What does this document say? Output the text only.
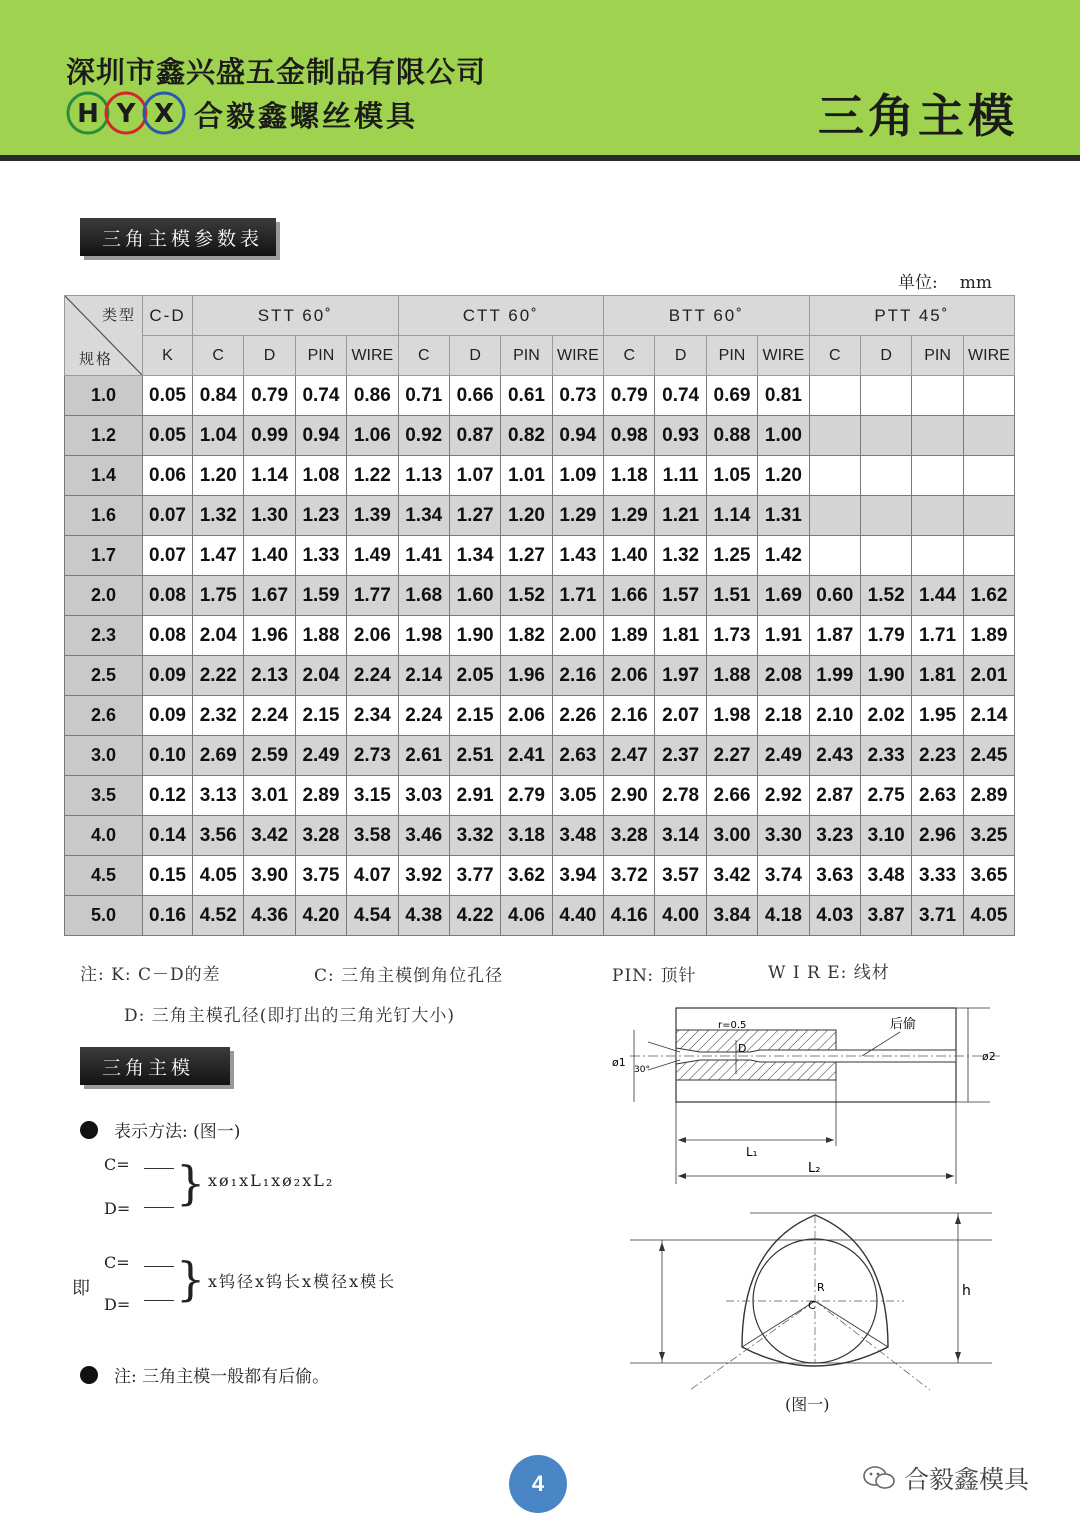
深圳市鑫兴盛五金制品有限公司
H Y X 合毅鑫螺丝模具	三角主模
三角主模参数表
单位: mm
类型
规格	C-D	STT 60˚				CTT 60˚				BTT 60˚				PTT 45˚			
	K	C	D	PIN	WIRE	C	D	PIN	WIRE	C	D	PIN	WIRE	C	D	PIN	WIRE
1.0	0.05	0.84	0.79	0.74	0.86	0.71	0.66	0.61	0.73	0.79	0.74	0.69	0.81				
1.2	0.05	1.04	0.99	0.94	1.06	0.92	0.87	0.82	0.94	0.98	0.93	0.88	1.00				
1.4	0.06	1.20	1.14	1.08	1.22	1.13	1.07	1.01	1.09	1.18	1.11	1.05	1.20				
1.6	0.07	1.32	1.30	1.23	1.39	1.34	1.27	1.20	1.29	1.29	1.21	1.14	1.31				
1.7	0.07	1.47	1.40	1.33	1.49	1.41	1.34	1.27	1.43	1.40	1.32	1.25	1.42				
2.0	0.08	1.75	1.67	1.59	1.77	1.68	1.60	1.52	1.71	1.66	1.57	1.51	1.69	0.60	1.52	1.44	1.62
2.3	0.08	2.04	1.96	1.88	2.06	1.98	1.90	1.82	2.00	1.89	1.81	1.73	1.91	1.87	1.79	1.71	1.89
2.5	0.09	2.22	2.13	2.04	2.24	2.14	2.05	1.96	2.16	2.06	1.97	1.88	2.08	1.99	1.90	1.81	2.01
2.6	0.09	2.32	2.24	2.15	2.34	2.24	2.15	2.06	2.26	2.16	2.07	1.98	2.18	2.10	2.02	1.95	2.14
3.0	0.10	2.69	2.59	2.49	2.73	2.61	2.51	2.41	2.63	2.47	2.37	2.27	2.49	2.43	2.33	2.23	2.45
3.5	0.12	3.13	3.01	2.89	3.15	3.03	2.91	2.79	3.05	2.90	2.78	2.66	2.92	2.87	2.75	2.63	2.89
4.0	0.14	3.56	3.42	3.28	3.58	3.46	3.32	3.18	3.48	3.28	3.14	3.00	3.30	3.23	3.10	2.96	3.25
4.5	0.15	4.05	3.90	3.75	4.07	3.92	3.77	3.62	3.94	3.72	3.57	3.42	3.74	3.63	3.48	3.33	3.65
5.0	0.16	4.52	4.36	4.20	4.54	4.38	4.22	4.06	4.40	4.16	4.00	3.84	4.18	4.03	3.87	3.71	4.05
注: K: C－D的差	C: 三角主模倒角位孔径	PIN: 顶针	W I R E: 线材
D: 三角主模孔径(即打出的三角光钉大小)
三角主模
表示方法: (图一)
C=
D= } xø₁xL₁xø₂xL₂
即
C=
D= } x钨径x钨长x模径x模长
注: 三角主模一般都有后偷。
ø1
30°
D
r=0.5	后偷
ø2
L₁
L₂
h
R
C
(图一)
4	合毅鑫模具
